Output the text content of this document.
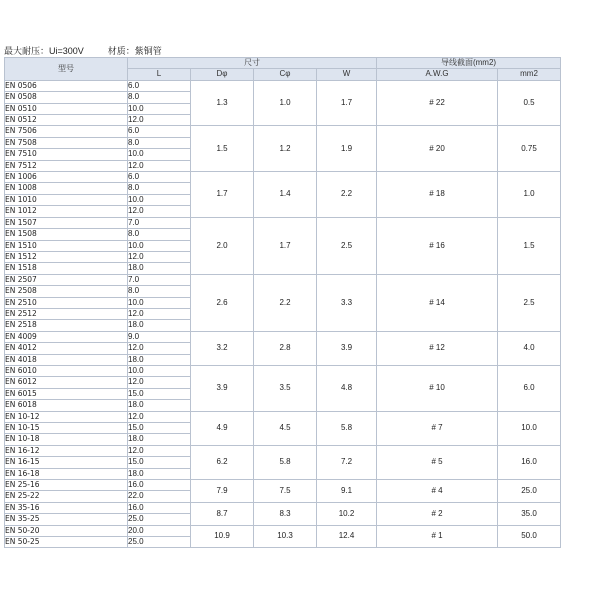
最大耐压：Ui=300V	材质：紫铜管
型号	尺寸				导线截面(mm2)	
	L	Dφ	Cφ	W	A.W.G	mm2
EN 0506	6.0	1.3	1.0	1.7	# 22	0.5
EN 0508	8.0					
EN 0510	10.0					
EN 0512	12.0					
EN 7506	6.0	1.5	1.2	1.9	# 20	0.75
EN 7508	8.0					
EN 7510	10.0					
EN 7512	12.0					
EN 1006	6.0	1.7	1.4	2.2	# 18	1.0
EN 1008	8.0					
EN 1010	10.0					
EN 1012	12.0					
EN 1507	7.0	2.0	1.7	2.5	# 16	1.5
EN 1508	8.0					
EN 1510	10.0					
EN 1512	12.0					
EN 1518	18.0					
EN 2507	7.0	2.6	2.2	3.3	# 14	2.5
EN 2508	8.0					
EN 2510	10.0					
EN 2512	12.0					
EN 2518	18.0					
EN 4009	9.0	3.2	2.8	3.9	# 12	4.0
EN 4012	12.0					
EN 4018	18.0					
EN 6010	10.0	3.9	3.5	4.8	# 10	6.0
EN 6012	12.0					
EN 6015	15.0					
EN 6018	18.0					
EN 10-12	12.0	4.9	4.5	5.8	# 7	10.0
EN 10-15	15.0					
EN 10-18	18.0					
EN 16-12	12.0	6.2	5.8	7.2	# 5	16.0
EN 16-15	15.0					
EN 16-18	18.0					
EN 25-16	16.0	7.9	7.5	9.1	# 4	25.0
EN 25-22	22.0					
EN 35-16	16.0	8.7	8.3	10.2	# 2	35.0
EN 35-25	25.0					
EN 50-20	20.0	10.9	10.3	12.4	# 1	50.0
EN 50-25	25.0					
